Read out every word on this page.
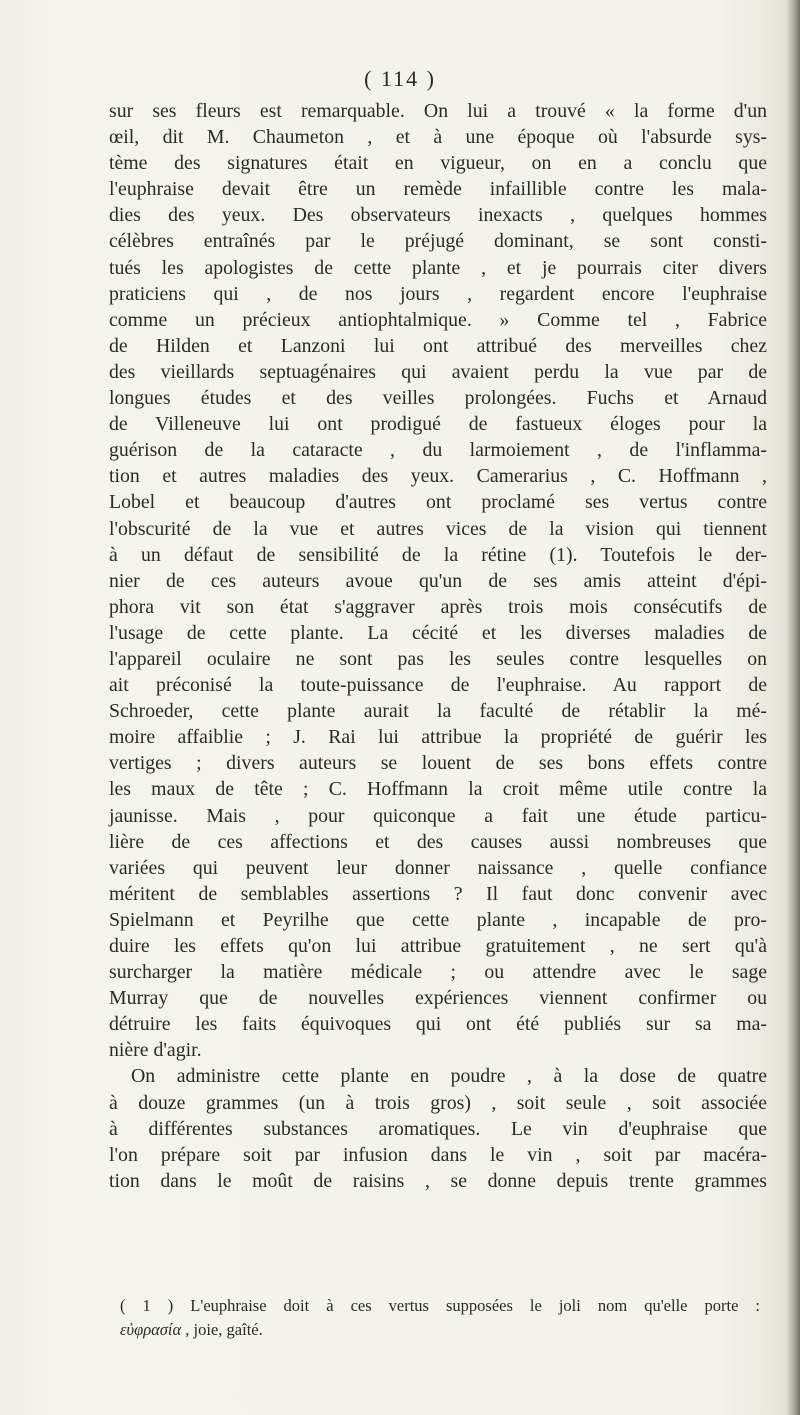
( 114 )
sur ses fleurs est remarquable. On lui a trouvé « la forme d'un
œil, dit M. Chaumeton , et à une époque où l'absurde sys-
tème des signatures était en vigueur, on en a conclu que
l'euphraise devait être un remède infaillible contre les mala-
dies des yeux. Des observateurs inexacts , quelques hommes
célèbres entraînés par le préjugé dominant, se sont consti-
tués les apologistes de cette plante , et je pourrais citer divers
praticiens qui , de nos jours , regardent encore l'euphraise
comme un précieux antiophtalmique. » Comme tel , Fabrice
de Hilden et Lanzoni lui ont attribué des merveilles chez
des vieillards septuagénaires qui avaient perdu la vue par de
longues études et des veilles prolongées. Fuchs et Arnaud
de Villeneuve lui ont prodigué de fastueux éloges pour la
guérison de la cataracte , du larmoiement , de l'inflamma-
tion et autres maladies des yeux. Camerarius , C. Hoffmann ,
Lobel et beaucoup d'autres ont proclamé ses vertus contre
l'obscurité de la vue et autres vices de la vision qui tiennent
à un défaut de sensibilité de la rétine (1). Toutefois le der-
nier de ces auteurs avoue qu'un de ses amis atteint d'épi-
phora vit son état s'aggraver après trois mois consécutifs de
l'usage de cette plante. La cécité et les diverses maladies de
l'appareil oculaire ne sont pas les seules contre lesquelles on
ait préconisé la toute-puissance de l'euphraise. Au rapport de
Schroeder, cette plante aurait la faculté de rétablir la mé-
moire affaiblie ; J. Rai lui attribue la propriété de guérir les
vertiges ; divers auteurs se louent de ses bons effets contre
les maux de tête ; C. Hoffmann la croit même utile contre la
jaunisse. Mais , pour quiconque a fait une étude particu-
lière de ces affections et des causes aussi nombreuses que
variées qui peuvent leur donner naissance , quelle confiance
méritent de semblables assertions ? Il faut donc convenir avec
Spielmann et Peyrilhe que cette plante , incapable de pro-
duire les effets qu'on lui attribue gratuitement , ne sert qu'à
surcharger la matière médicale ; ou attendre avec le sage
Murray que de nouvelles expériences viennent confirmer ou
détruire les faits équivoques qui ont été publiés sur sa ma-
nière d'agir.
On administre cette plante en poudre , à la dose de quatre
à douze grammes (un à trois gros) , soit seule , soit associée
à différentes substances aromatiques. Le vin d'euphraise que
l'on prépare soit par infusion dans le vin , soit par macéra-
tion dans le moût de raisins , se donne depuis trente grammes
( 1 ) L'euphraise doit à ces vertus supposées le joli nom qu'elle porte :
εὐφρασία , joie, gaîté.
